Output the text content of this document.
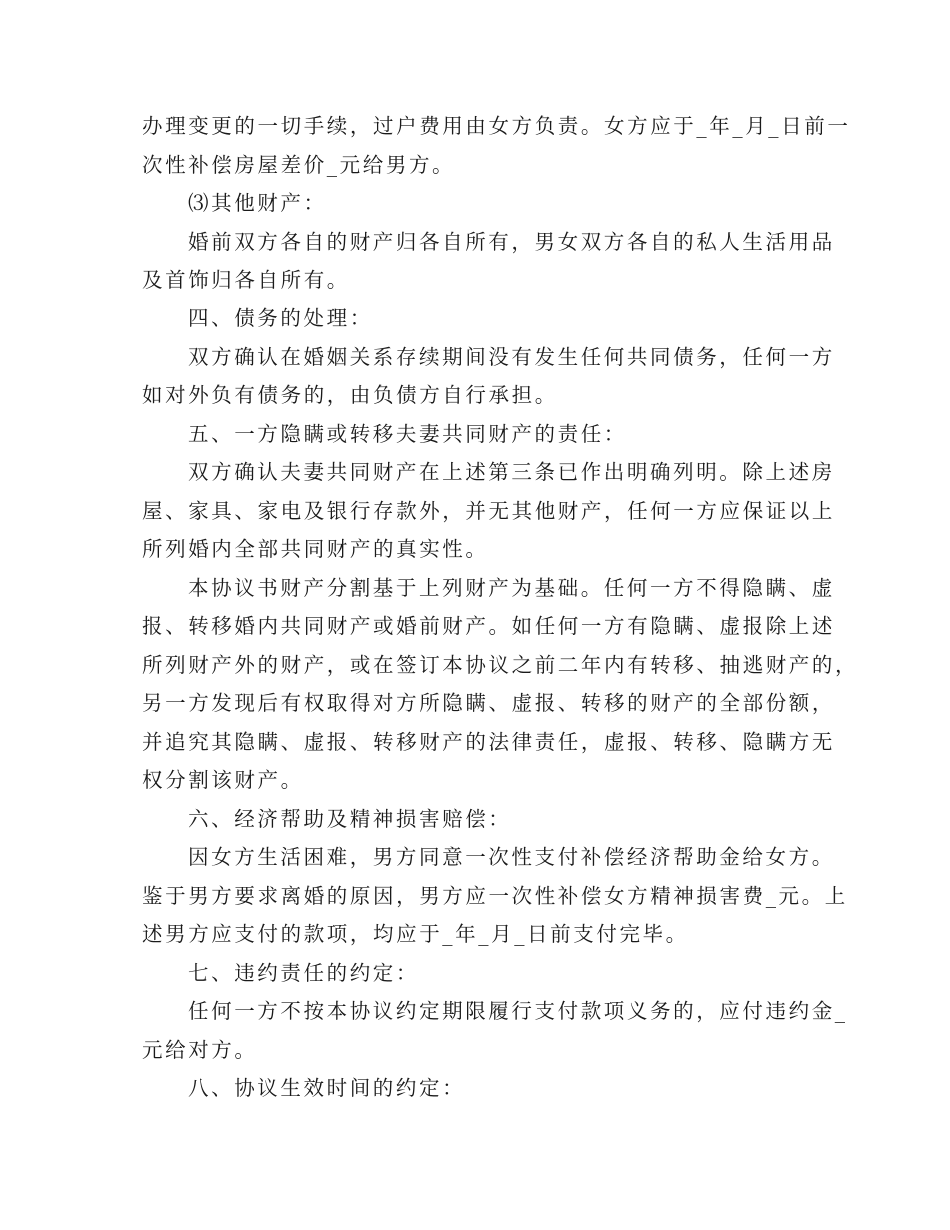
办理变更的一切手续，过户费用由女方负责。女方应于_年_月_日前一
次性补偿房屋差价_元给男方。
⑶其他财产：
婚前双方各自的财产归各自所有，男女双方各自的私人生活用品
及首饰归各自所有。
四、债务的处理：
双方确认在婚姻关系存续期间没有发生任何共同债务，任何一方
如对外负有债务的，由负债方自行承担。
五、一方隐瞒或转移夫妻共同财产的责任：
双方确认夫妻共同财产在上述第三条已作出明确列明。除上述房
屋、家具、家电及银行存款外，并无其他财产，任何一方应保证以上
所列婚内全部共同财产的真实性。
本协议书财产分割基于上列财产为基础。任何一方不得隐瞒、虚
报、转移婚内共同财产或婚前财产。如任何一方有隐瞒、虚报除上述
所列财产外的财产，或在签订本协议之前二年内有转移、抽逃财产的，
另一方发现后有权取得对方所隐瞒、虚报、转移的财产的全部份额，
并追究其隐瞒、虚报、转移财产的法律责任，虚报、转移、隐瞒方无
权分割该财产。
六、经济帮助及精神损害赔偿：
因女方生活困难，男方同意一次性支付补偿经济帮助金给女方。
鉴于男方要求离婚的原因，男方应一次性补偿女方精神损害费_元。上
述男方应支付的款项，均应于_年_月_日前支付完毕。
七、违约责任的约定：
任何一方不按本协议约定期限履行支付款项义务的，应付违约金_
元给对方。
八、协议生效时间的约定：
